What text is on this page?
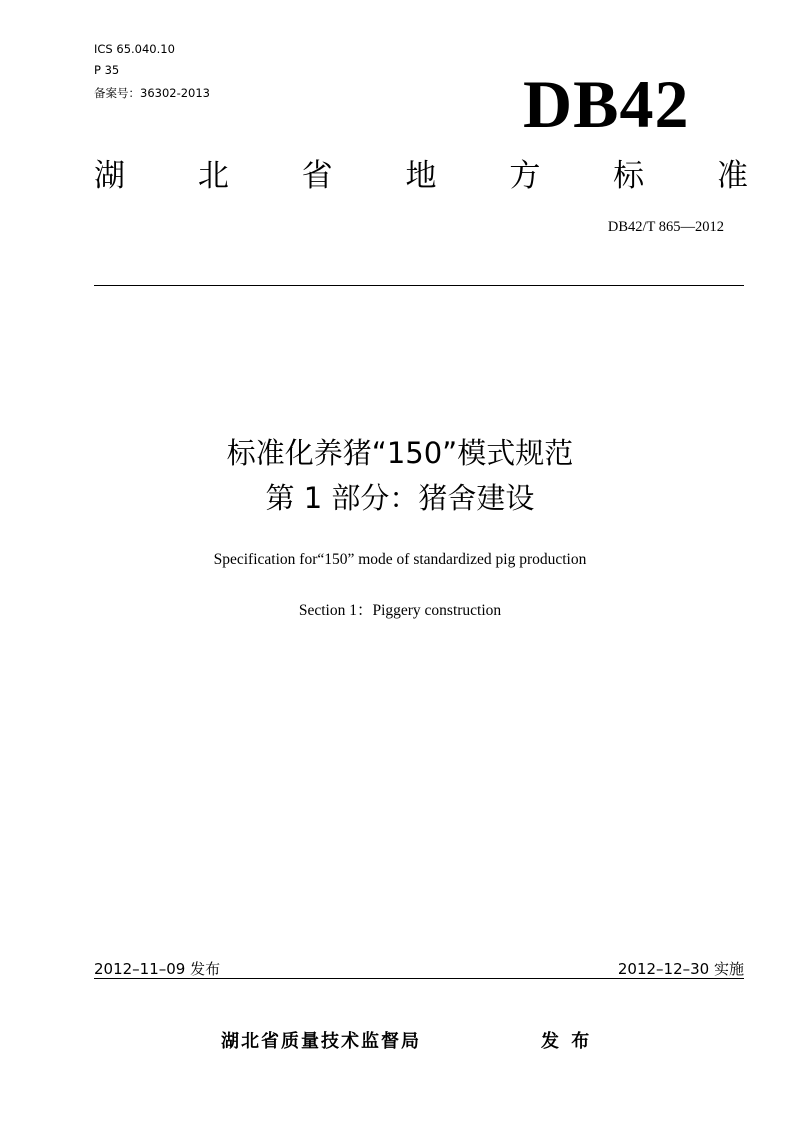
ICS 65.040.10
P 35
备案号：36302-2013	DB42
湖 北 省 地 方 标 准
DB42/T 865—2012
标准化养猪“150”模式规范
第 1 部分：猪舍建设
Specification for“150” mode of standardized pig production
Section 1：Piggery construction
2012–11–09 发布	2012–12–30 实施
湖北省质量技术监督局	发 布
